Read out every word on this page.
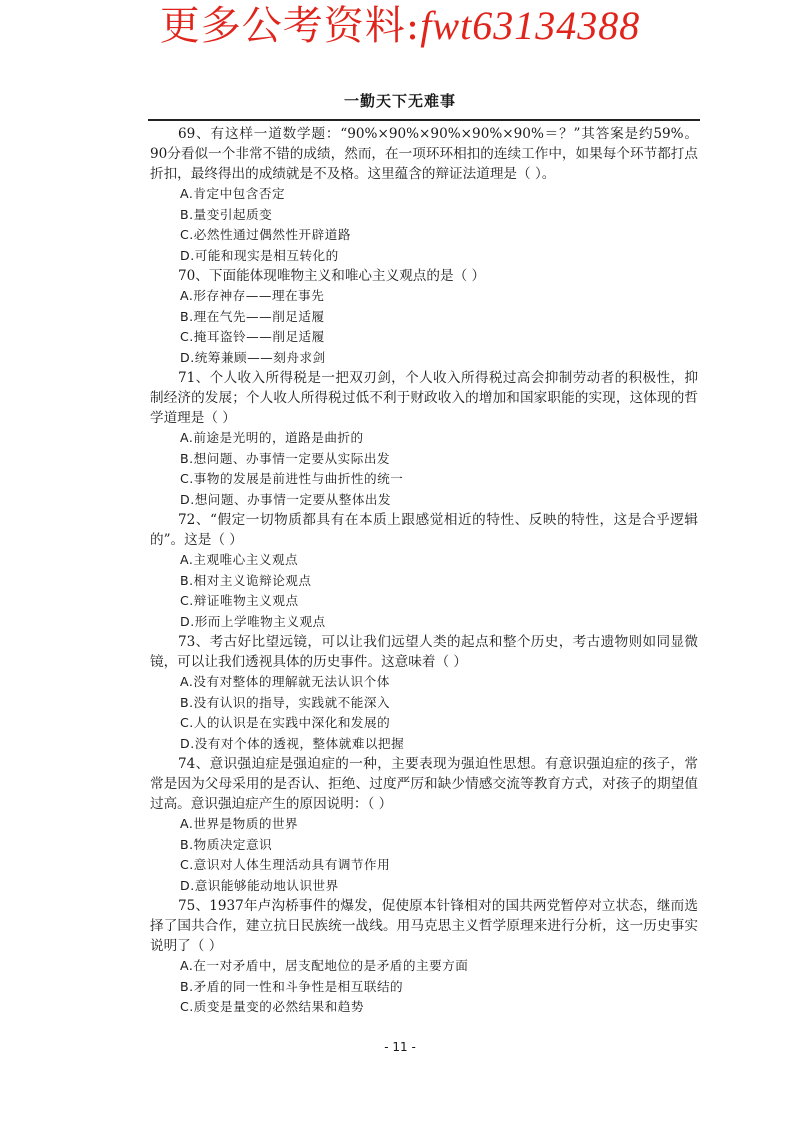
更多公考资料:fwt63134388
一勤天下无难事

69、有这样一道数学题：“90%×90%×90%×90%×90%＝？”其答案是约59%。90分看似一个非常不错的成绩，然而，在一项环环相扣的连续工作中，如果每个环节都打点折扣，最终得出的成绩就是不及格。这里蕴含的辩证法道理是（ ）。

A.肯定中包含否定

B.量变引起质变

C.必然性通过偶然性开辟道路

D.可能和现实是相互转化的

70、下面能体现唯物主义和唯心主义观点的是（ ）

A.形存神存——理在事先

B.理在气先——削足适履

C.掩耳盗铃——削足适履

D.统筹兼顾——刻舟求剑

71、个人收入所得税是一把双刃剑，个人收入所得税过高会抑制劳动者的积极性，抑制经济的发展；个人收人所得税过低不利于财政收入的增加和国家职能的实现，这体现的哲学道理是（ ）

A.前途是光明的，道路是曲折的

B.想问题、办事情一定要从实际出发

C.事物的发展是前进性与曲折性的统一

D.想问题、办事情一定要从整体出发

72、“假定一切物质都具有在本质上跟感觉相近的特性、反映的特性，这是合乎逻辑的”。这是（ ）

A.主观唯心主义观点

B.相对主义诡辩论观点

C.辩证唯物主义观点

D.形而上学唯物主义观点

73、考古好比望远镜，可以让我们远望人类的起点和整个历史，考古遗物则如同显微镜，可以让我们透视具体的历史事件。这意味着（ ）

A.没有对整体的理解就无法认识个体

B.没有认识的指导，实践就不能深入

C.人的认识是在实践中深化和发展的

D.没有对个体的透视，整体就难以把握

74、意识强迫症是强迫症的一种，主要表现为强迫性思想。有意识强迫症的孩子，常常是因为父母采用的是否认、拒绝、过度严厉和缺少情感交流等教育方式，对孩子的期望值过高。意识强迫症产生的原因说明：（ ）

A.世界是物质的世界

B.物质决定意识

C.意识对人体生理活动具有调节作用

D.意识能够能动地认识世界

75、1937年卢沟桥事件的爆发，促使原本针锋相对的国共两党暂停对立状态，继而选择了国共合作，建立抗日民族统一战线。用马克思主义哲学原理来进行分析，这一历史事实说明了（ ）

A.在一对矛盾中，居支配地位的是矛盾的主要方面

B.矛盾的同一性和斗争性是相互联结的

C.质变是量变的必然结果和趋势

- 11 -
